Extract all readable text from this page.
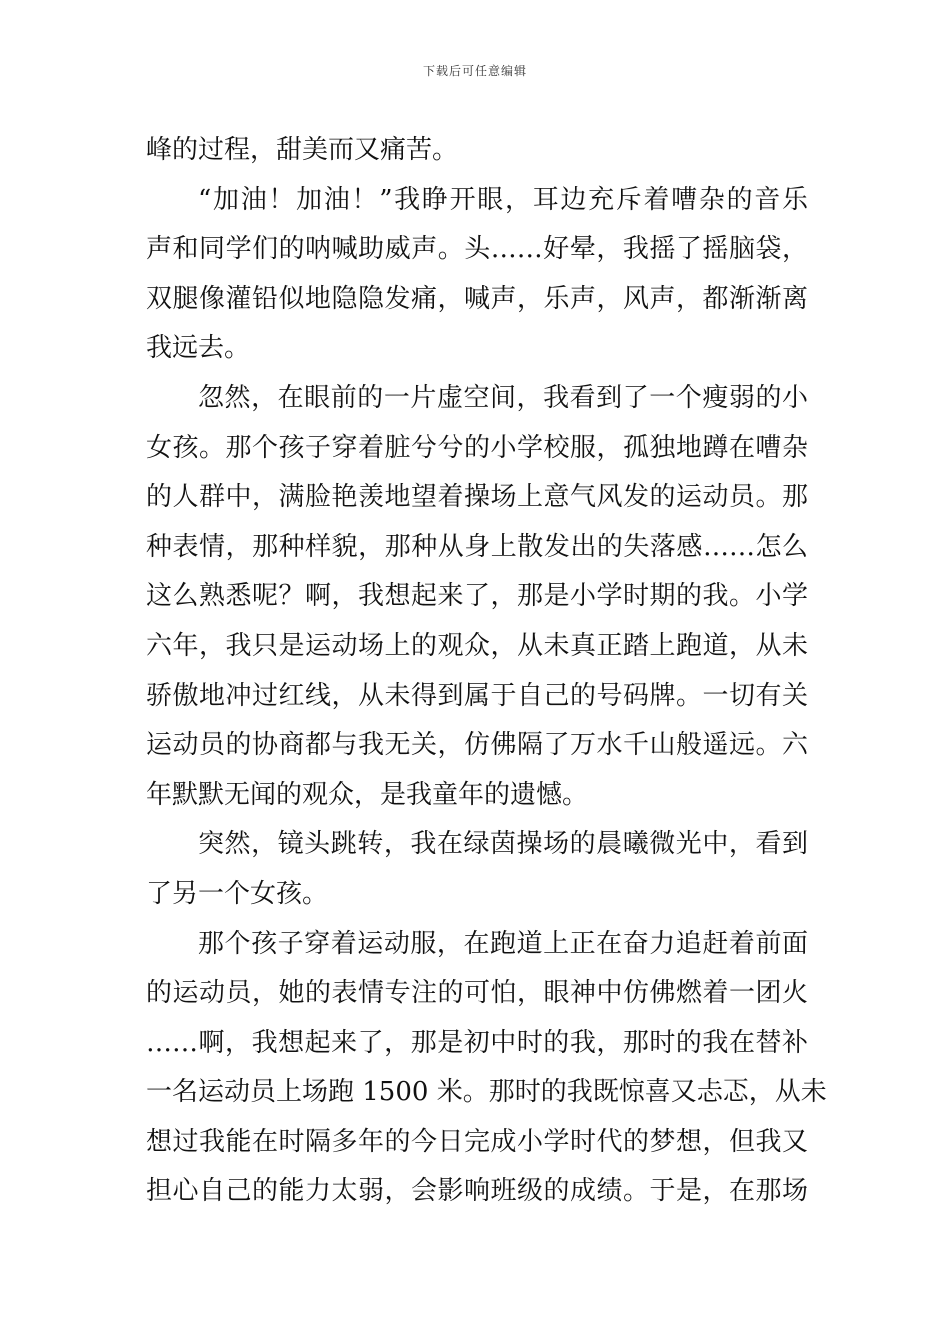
下载后可任意编辑
峰的过程，甜美而又痛苦。
“加油！加油！”我睁开眼，耳边充斥着嘈杂的音乐
声和同学们的呐喊助威声。头……好晕，我摇了摇脑袋，
双腿像灌铅似地隐隐发痛，喊声，乐声，风声，都渐渐离
我远去。
忽然，在眼前的一片虚空间，我看到了一个瘦弱的小
女孩。那个孩子穿着脏兮兮的小学校服，孤独地蹲在嘈杂
的人群中，满脸艳羡地望着操场上意气风发的运动员。那
种表情，那种样貌，那种从身上散发出的失落感……怎么
这么熟悉呢？啊，我想起来了，那是小学时期的我。小学
六年，我只是运动场上的观众，从未真正踏上跑道，从未
骄傲地冲过红线，从未得到属于自己的号码牌。一切有关
运动员的协商都与我无关，仿佛隔了万水千山般遥远。六
年默默无闻的观众，是我童年的遗憾。
突然，镜头跳转，我在绿茵操场的晨曦微光中，看到
了另一个女孩。
那个孩子穿着运动服，在跑道上正在奋力追赶着前面
的运动员，她的表情专注的可怕，眼神中仿佛燃着一团火
……啊，我想起来了，那是初中时的我，那时的我在替补
一名运动员上场跑 1500 米。那时的我既惊喜又忐忑，从未
想过我能在时隔多年的今日完成小学时代的梦想，但我又
担心自己的能力太弱，会影响班级的成绩。于是，在那场
